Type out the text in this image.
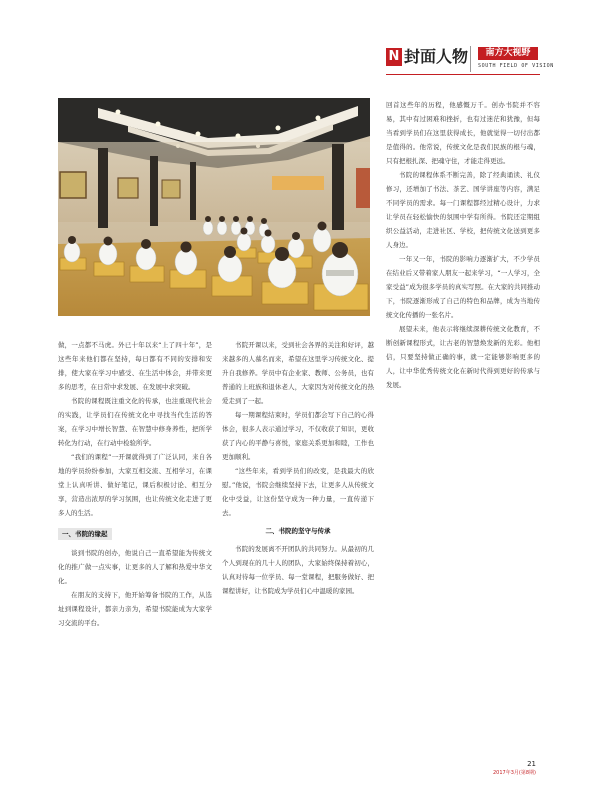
N 封面人物	南方大视野
SOUTH FIELD OF VISION

做，一点都不马虎。外已十年以来“上了四十年”，是这些年来他们都在坚持，每日都有不同的安排和安排，使大家在学习中感受、在生活中体会，并带来更多的思考，在日常中求发展、在发展中求突破。

书院的课程既注重文化的传承，也注重现代社会的实践，让学员们在传统文化中寻找当代生活的答案，在学习中增长智慧、在智慧中修身养性，把所学转化为行动，在行动中检验所学。

“我们的课程”一开课就得到了广泛认同，来自各地的学员纷纷参加，大家互相交流、互相学习，在课堂上认真听讲、做好笔记，课后积极讨论、相互分享，营造出浓厚的学习氛围，也让传统文化走进了更多人的生活。

一、书院的缘起

谈到书院的创办，他说自己一直希望能为传统文化的推广做一点实事，让更多的人了解和热爱中华文化。

在朋友的支持下，他开始筹备书院的工作，从选址到课程设计，都亲力亲为，希望书院能成为大家学习交流的平台。

书院开课以来，受到社会各界的关注和好评，越来越多的人慕名而来，希望在这里学习传统文化、提升自我修养。学员中有企业家、教师、公务员，也有普通的上班族和退休老人，大家因为对传统文化的热爱走到了一起。

每一期课程结束时，学员们都会写下自己的心得体会，很多人表示通过学习，不仅收获了知识，更收获了内心的平静与喜悦，家庭关系更加和睦，工作也更加顺利。

“这些年来，看到学员们的改变，是我最大的欣慰。”他说，书院会继续坚持下去，让更多人从传统文化中受益，让这份坚守成为一种力量，一直传递下去。

二、书院的坚守与传承

书院的发展离不开团队的共同努力。从最初的几个人到现在的几十人的团队，大家始终保持着初心，认真对待每一位学员、每一堂课程，把服务做好、把课程讲好，让书院成为学员们心中温暖的家园。

回首这些年的历程，他感慨万千。创办书院并不容易，其中有过困难和挫折，也有过迷茫和犹豫，但每当看到学员们在这里获得成长，他就觉得一切付出都是值得的。他常说，传统文化是我们民族的根与魂，只有把根扎深、把魂守住，才能走得更远。

书院的课程体系不断完善，除了经典诵读、礼仪修习，还增加了书法、茶艺、国学讲座等内容，满足不同学员的需求。每一门课程都经过精心设计，力求让学员在轻松愉快的氛围中学有所得。书院还定期组织公益活动，走进社区、学校，把传统文化送到更多人身边。

一年又一年，书院的影响力逐渐扩大，不少学员在结业后又带着家人朋友一起来学习，“一人学习，全家受益”成为很多学员的真实写照。在大家的共同推动下，书院逐渐形成了自己的特色和品牌，成为当地传统文化传播的一张名片。

展望未来，他表示将继续深耕传统文化教育，不断创新课程形式，让古老的智慧焕发新的光彩。他相信，只要坚持做正确的事，就一定能够影响更多的人，让中华优秀传统文化在新时代得到更好的传承与发展。

21
2017年3月(第8期)
